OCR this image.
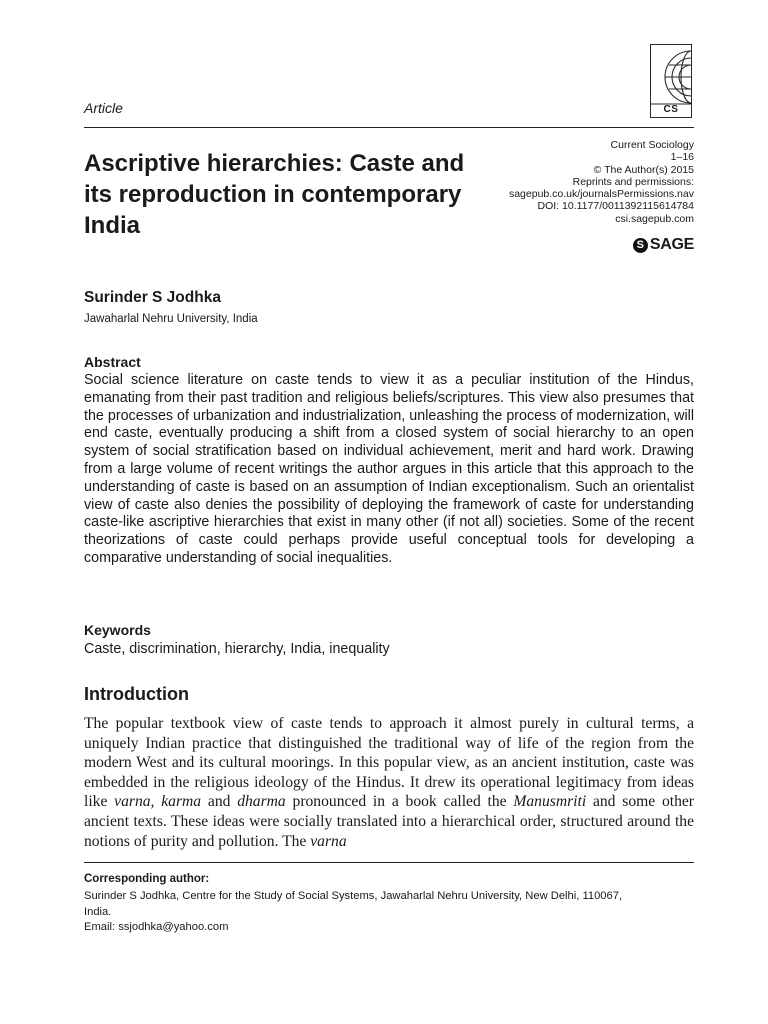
CS
Article
Current Sociology
1–16
© The Author(s) 2015
Reprints and permissions:
sagepub.co.uk/journalsPermissions.nav
DOI: 10.1177/0011392115614784
csi.sagepub.com
S SAGE
Ascriptive hierarchies: Caste and its reproduction in contemporary India
Surinder S Jodhka
Jawaharlal Nehru University, India
Abstract

Social science literature on caste tends to view it as a peculiar institution of the Hindus, emanating from their past tradition and religious beliefs/scriptures. This view also presumes that the processes of urbanization and industrialization, unleashing the process of modernization, will end caste, eventually producing a shift from a closed system of social hierarchy to an open system of social stratification based on individual achievement, merit and hard work. Drawing from a large volume of recent writings the author argues in this article that this approach to the understanding of caste is based on an assumption of Indian exceptionalism. Such an orientalist view of caste also denies the possibility of deploying the framework of caste for understanding caste-like ascriptive hierarchies that exist in many other (if not all) societies. Some of the recent theorizations of caste could perhaps provide useful conceptual tools for developing a comparative understanding of social inequalities.

Keywords
Caste, discrimination, hierarchy, India, inequality
Introduction

The popular textbook view of caste tends to approach it almost purely in cultural terms, a uniquely Indian practice that distinguished the traditional way of life of the region from the modern West and its cultural moorings. In this popular view, as an ancient institution, caste was embedded in the religious ideology of the Hindus. It drew its operational legitimacy from ideas like varna, karma and dharma pronounced in a book called the Manusmriti and some other ancient texts. These ideas were socially translated into a hierarchical order, structured around the notions of purity and pollution. The varna

Corresponding author:
Surinder S Jodhka, Centre for the Study of Social Systems, Jawaharlal Nehru University, New Delhi, 110067,
India.
Email: ssjodhka@yahoo.com
